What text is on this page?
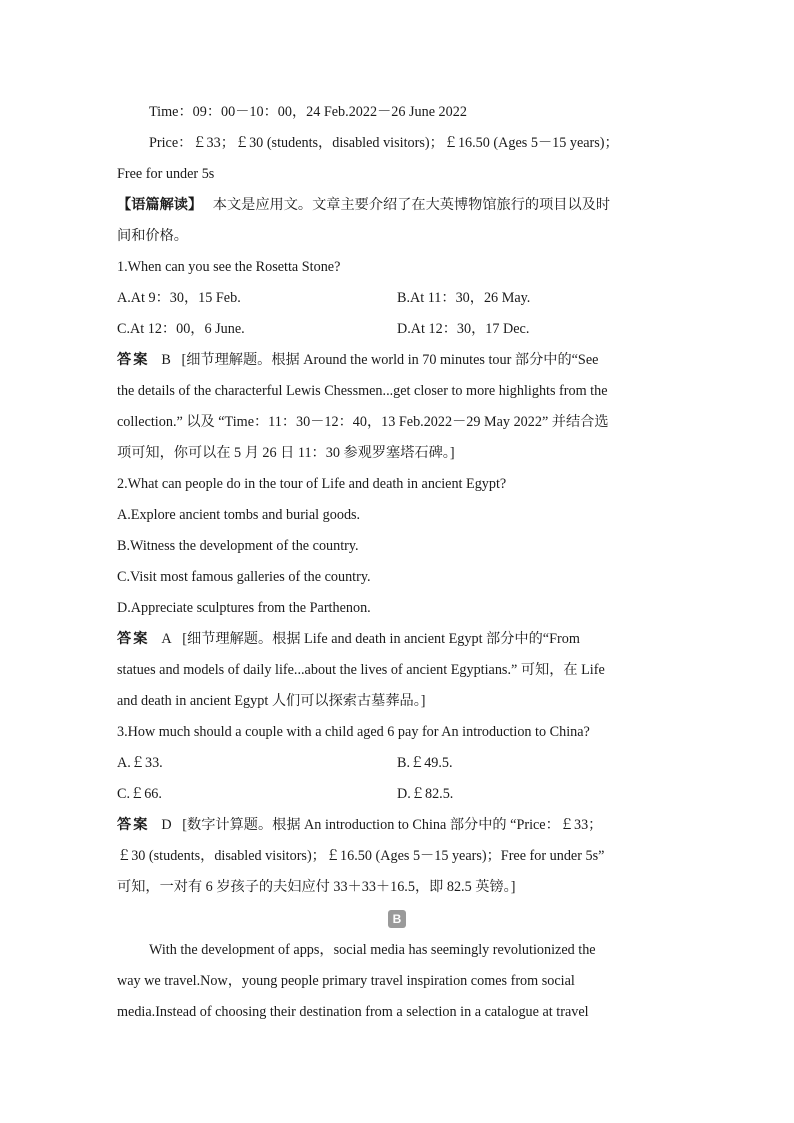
Time：09：00－10：00，24 Feb.2022－26 June 2022

Price：￡33；￡30 (students，disabled visitors)；￡16.50 (Ages 5－15 years)；

Free for under 5s

【语篇解读】 本文是应用文。文章主要介绍了在大英博物馆旅行的项目以及时

间和价格。

1.When can you see the Rosetta Stone?

A.At 9：30，15 Feb.	B.At 11：30，26 May.

C.At 12：00，6 June.	D.At 12：30，17 Dec.

答案 B [细节理解题。根据 Around the world in 70 minutes tour 部分中的“See

the details of the characterful Lewis Chessmen...get closer to more highlights from the

collection.” 以及 “Time：11：30－12：40，13 Feb.2022－29 May 2022” 并结合选

项可知，你可以在 5 月 26 日 11：30 参观罗塞塔石碑。]

2.What can people do in the tour of Life and death in ancient Egypt?

A.Explore ancient tombs and burial goods.

B.Witness the development of the country.

C.Visit most famous galleries of the country.

D.Appreciate sculptures from the Parthenon.

答案 A [细节理解题。根据 Life and death in ancient Egypt 部分中的“From

statues and models of daily life...about the lives of ancient Egyptians.” 可知，在 Life

and death in ancient Egypt 人们可以探索古墓葬品。]

3.How much should a couple with a child aged 6 pay for An introduction to China?

A.￡33.	B.￡49.5.

C.￡66.	D.￡82.5.

答案 D [数字计算题。根据 An introduction to China 部分中的 “Price：￡33；

￡30 (students，disabled visitors)；￡16.50 (Ages 5－15 years)；Free for under 5s”

可知，一对有 6 岁孩子的夫妇应付 33＋33＋16.5，即 82.5 英镑。]

B

With the development of apps，social media has seemingly revolutionized the

way we travel.Now，young people primary travel inspiration comes from social

media.Instead of choosing their destination from a selection in a catalogue at travel
